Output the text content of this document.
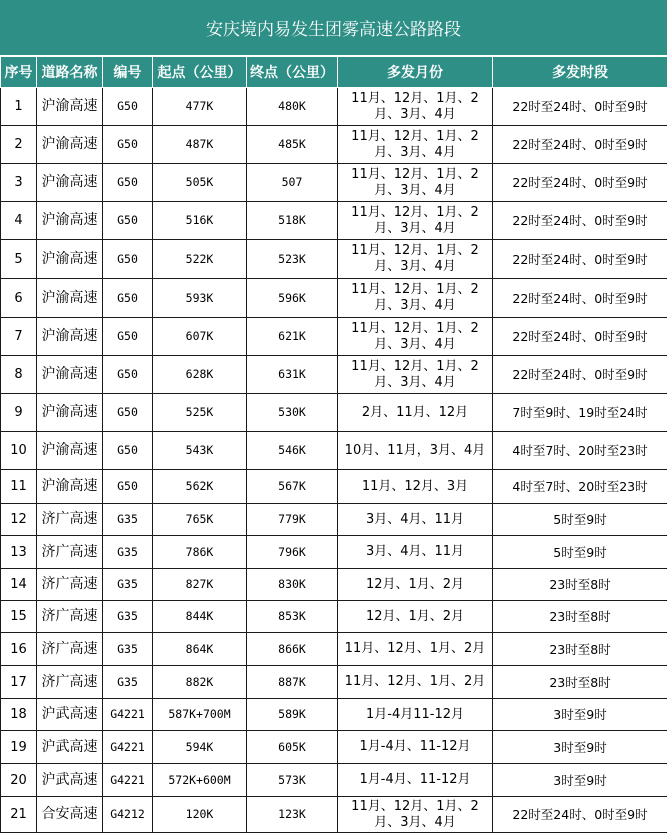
安庆境内易发生团雾高速公路路段
序号	道路名称	编号	起点（公里）	终点（公里）	多发月份	多发时段
1	沪渝高速	G50	477K	480K	11月、12月、1月、2月、3月、4月	22时至24时、0时至9时
2	沪渝高速	G50	487K	485K	11月、12月、1月、2月、3月、4月	22时至24时、0时至9时
3	沪渝高速	G50	505K	507	11月、12月、1月、2月、3月、4月	22时至24时、0时至9时
4	沪渝高速	G50	516K	518K	11月、12月、1月、2月、3月、4月	22时至24时、0时至9时
5	沪渝高速	G50	522K	523K	11月、12月、1月、2月、3月、4月	22时至24时、0时至9时
6	沪渝高速	G50	593K	596K	11月、12月、1月、2月、3月、4月	22时至24时、0时至9时
7	沪渝高速	G50	607K	621K	11月、12月、1月、2月、3月、4月	22时至24时、0时至9时
8	沪渝高速	G50	628K	631K	11月、12月、1月、2月、3月、4月	22时至24时、0时至9时
9	沪渝高速	G50	525K	530K	2月、11月、12月	7时至9时、19时至24时
10	沪渝高速	G50	543K	546K	10月、11月，3月、4月	4时至7时、20时至23时
11	沪渝高速	G50	562K	567K	11月、12月、3月	4时至7时、20时至23时
12	济广高速	G35	765K	779K	3月、4月、11月	5时至9时
13	济广高速	G35	786K	796K	3月、4月、11月	5时至9时
14	济广高速	G35	827K	830K	12月、1月、2月	23时至8时
15	济广高速	G35	844K	853K	12月、1月、2月	23时至8时
16	济广高速	G35	864K	866K	11月、12月、1月、2月	23时至8时
17	济广高速	G35	882K	887K	11月、12月、1月、2月	23时至8时
18	沪武高速	G4221	587K+700M	589K	1月-4月11-12月	3时至9时
19	沪武高速	G4221	594K	605K	1月-4月、11-12月	3时至9时
20	沪武高速	G4221	572K+600M	573K	1月-4月、11-12月	3时至9时
21	合安高速	G4212	120K	123K	11月、12月、1月、2月、3月、4月	22时至24时、0时至9时
